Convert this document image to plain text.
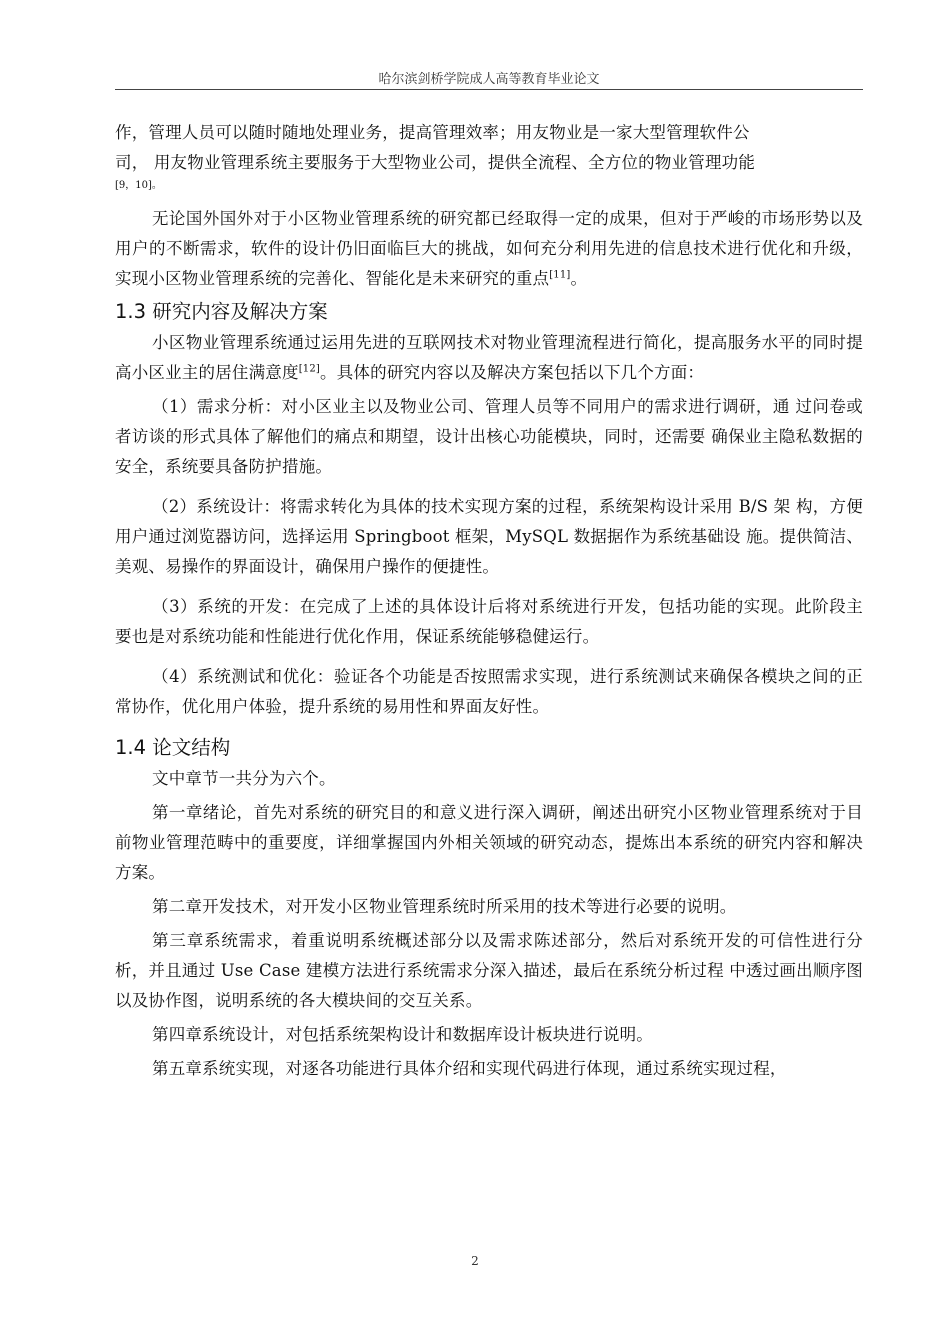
哈尔滨剑桥学院成人高等教育毕业论文

作，管理人员可以随时随地处理业务，提高管理效率；用友物业是一家大型管理软件公
司， 用友物业管理系统主要服务于大型物业公司，提供全流程、全方位的物业管理功能

[9，10]。

无论国外国外对于小区物业管理系统的研究都已经取得一定的成果，但对于严峻的市场形势以及用户的不断需求，软件的设计仍旧面临巨大的挑战，如何充分利用先进的信息技术进行优化和升级，实现小区物业管理系统的完善化、智能化是未来研究的重点[11]。

1.3 研究内容及解决方案

小区物业管理系统通过运用先进的互联网技术对物业管理流程进行简化，提高服务水平的同时提高小区业主的居住满意度[12]。具体的研究内容以及解决方案包括以下几个方面：

（1）需求分析：对小区业主以及物业公司、管理人员等不同用户的需求进行调研，通 过问卷或者访谈的形式具体了解他们的痛点和期望，设计出核心功能模块，同时，还需要 确保业主隐私数据的安全，系统要具备防护措施。

（2）系统设计：将需求转化为具体的技术实现方案的过程，系统架构设计采用 B/S 架 构，方便用户通过浏览器访问，选择运用 Springboot 框架，MySQL 数据据作为系统基础设 施。提供简洁、美观、易操作的界面设计，确保用户操作的便捷性。

（3）系统的开发：在完成了上述的具体设计后将对系统进行开发，包括功能的实现。此阶段主要也是对系统功能和性能进行优化作用，保证系统能够稳健运行。

（4）系统测试和优化：验证各个功能是否按照需求实现，进行系统测试来确保各模块之间的正常协作，优化用户体验，提升系统的易用性和界面友好性。

1.4 论文结构

文中章节一共分为六个。

第一章绪论，首先对系统的研究目的和意义进行深入调研，阐述出研究小区物业管理系统对于目前物业管理范畴中的重要度，详细掌握国内外相关领域的研究动态，提炼出本系统的研究内容和解决方案。

第二章开发技术，对开发小区物业管理系统时所采用的技术等进行必要的说明。

第三章系统需求，着重说明系统概述部分以及需求陈述部分，然后对系统开发的可信性进行分析，并且通过 Use Case 建模方法进行系统需求分深入描述，最后在系统分析过程 中透过画出顺序图以及协作图，说明系统的各大模块间的交互关系。

第四章系统设计，对包括系统架构设计和数据库设计板块进行说明。

第五章系统实现，对逐各功能进行具体介绍和实现代码进行体现，通过系统实现过程，

2
